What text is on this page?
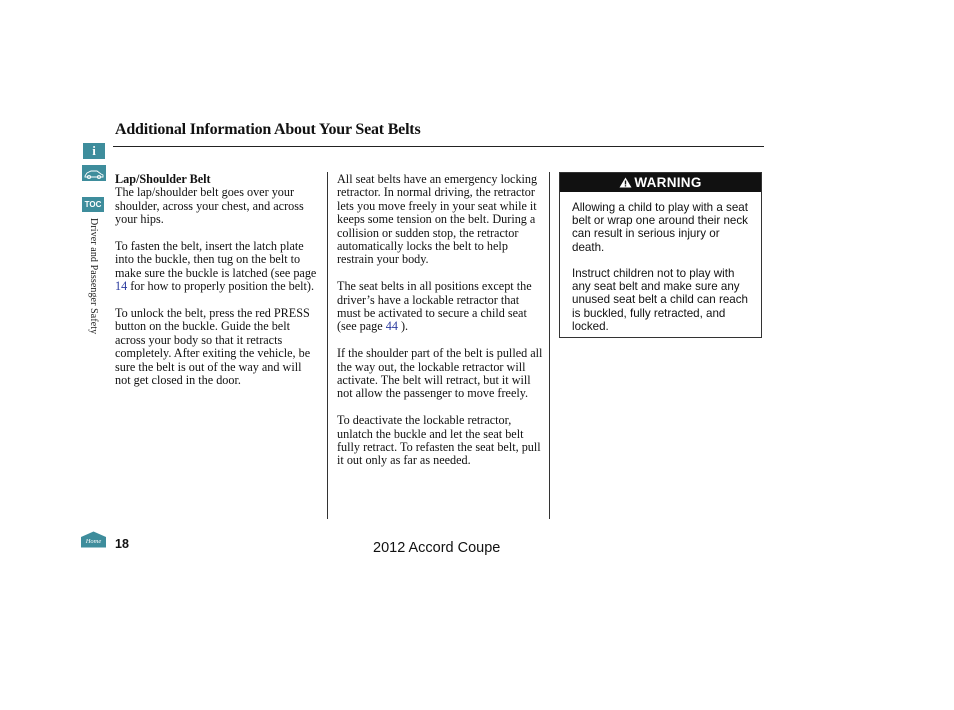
Additional Information About Your Seat Belts
i
TOC
Driver and Passenger Safety

Lap/Shoulder Belt
The lap/shoulder belt goes over your shoulder, across your chest, and across your hips.

To fasten the belt, insert the latch plate into the buckle, then tug on the belt to make sure the buckle is latched (see page 14 for how to properly position the belt).

To unlock the belt, press the red PRESS button on the buckle. Guide the belt across your body so that it retracts completely. After exiting the vehicle, be sure the belt is out of the way and will not get closed in the door.

All seat belts have an emergency locking retractor. In normal driving, the retractor lets you move freely in your seat while it keeps some tension on the belt. During a collision or sudden stop, the retractor automatically locks the belt to help restrain your body.

The seat belts in all positions except the driver’s have a lockable retractor that must be activated to secure a child seat (see page 44 ).

If the shoulder part of the belt is pulled all the way out, the lockable retractor will activate. The belt will retract, but it will not allow the passenger to move freely.

To deactivate the lockable retractor, unlatch the buckle and let the seat belt fully retract. To refasten the seat belt, pull it out only as far as needed.

WARNING

Allowing a child to play with a seat belt or wrap one around their neck can result in serious injury or death.

Instruct children not to play with any seat belt and make sure any unused seat belt a child can reach is buckled, fully retracted, and locked.

Home 18	2012 Accord Coupe
